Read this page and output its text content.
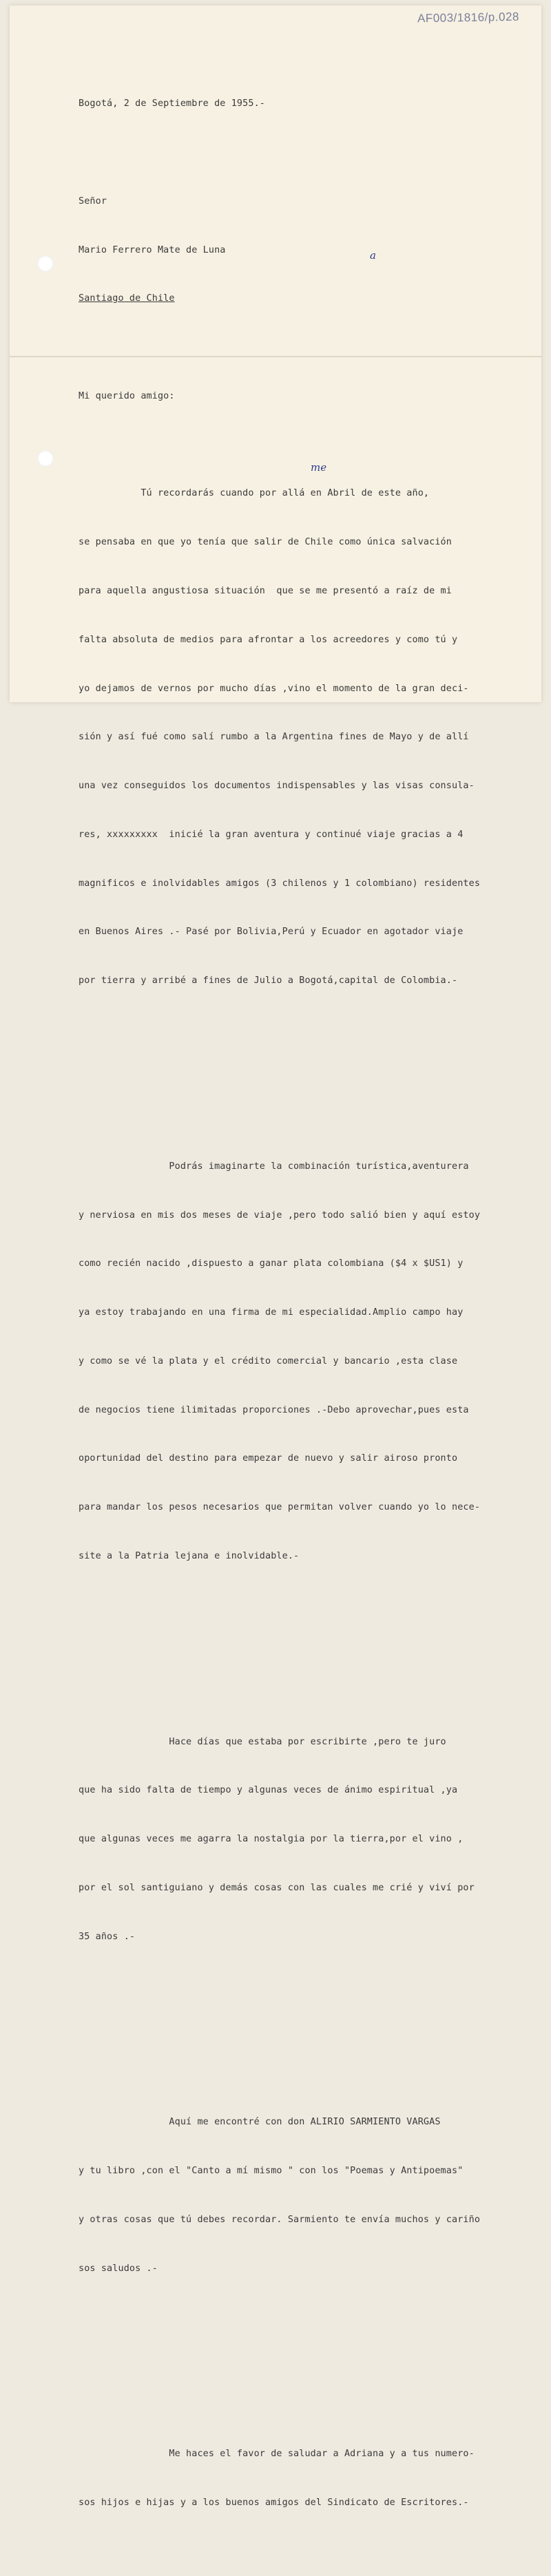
AF003/1816/p.028
a
me

Bogotá, 2 de Septiembre de 1955.-

Señor

Mario Ferrero Mate de Luna

Santiago de Chile

Mi querido amigo:

Tú recordarás cuando por allá en Abril de este año,

se pensaba en que yo tenía que salir de Chile como única salvación

para aquella angustiosa situación  que se me presentó a raíz de mi

falta absoluta de medios para afrontar a los acreedores y como tú y

yo dejamos de vernos por mucho días ,vino el momento de la gran deci-

sión y así fué como salí rumbo a la Argentina fines de Mayo y de allí

una vez conseguidos los documentos indispensables y las visas consula-

res, xxxxxxxxx  inicié la gran aventura y continué viaje gracias a 4

magnificos e inolvidables amigos (3 chilenos y 1 colombiano) residentes

en Buenos Aires .- Pasé por Bolivia,Perú y Ecuador en agotador viaje

por tierra y arribé a fines de Julio a Bogotá,capital de Colombia.-

Podrás imaginarte la combinación turística,aventurera

y nerviosa en mis dos meses de viaje ,pero todo salió bien y aquí estoy

como recién nacido ,dispuesto a ganar plata colombiana ($4 x $US1) y

ya estoy trabajando en una firma de mi especialidad.Amplio campo hay

y como se vé la plata y el crédito comercial y bancario ,esta clase

de negocios tiene ilimitadas proporciones .-Debo aprovechar,pues esta

oportunidad del destino para empezar de nuevo y salir airoso pronto

para mandar los pesos necesarios que permitan volver cuando yo lo nece-

site a la Patria lejana e inolvidable.-

Hace días que estaba por escribirte ,pero te juro

que ha sido falta de tiempo y algunas veces de ánimo espiritual ,ya

que algunas veces me agarra la nostalgia por la tierra,por el vino ,

por el sol santiguiano y demás cosas con las cuales me crié y viví por

35 años .-

Aquí me encontré con don ALIRIO SARMIENTO VARGAS

y tu libro ,con el "Canto a mí mismo " con los "Poemas y Antipoemas"

y otras cosas que tú debes recordar. Sarmiento te envía muchos y cariño

sos saludos .-

Me haces el favor de saludar a Adriana y a tus numero-

sos hijos e hijas y a los buenos amigos del Sindicato de Escritores.-
